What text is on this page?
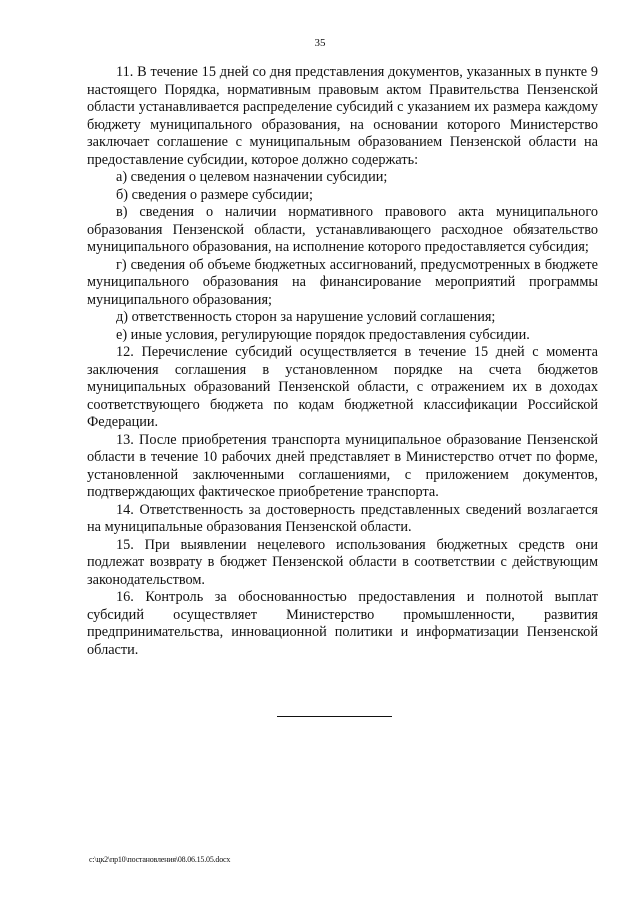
35

11. В течение 15 дней со дня представления документов, указанных в пункте 9 настоящего Порядка, нормативным правовым актом Правительства Пензенской области устанавливается распределение субсидий с указанием их размера каждому бюджету муниципального образования, на основании которого Министерство заключает соглашение с муниципальным образованием Пензенской области на предоставление субсидии, которое должно содержать:

а) сведения о целевом назначении субсидии;

б) сведения о размере субсидии;

в) сведения о наличии нормативного правового акта муниципального образования Пензенской области, устанавливающего расходное обязательство муниципального образования, на исполнение которого предоставляется субсидия;

г) сведения об объеме бюджетных ассигнований, предусмотренных в бюджете муниципального образования на финансирование мероприятий программы муниципального образования;

д) ответственность сторон за нарушение условий соглашения;

е) иные условия, регулирующие порядок предоставления субсидии.

12. Перечисление субсидий осуществляется в течение 15 дней с момента заключения соглашения в установленном порядке на счета бюджетов муниципальных образований Пензенской области, с отражением их в доходах соответствующего бюджета по кодам бюджетной классификации Российской Федерации.

13. После приобретения транспорта муниципальное образование Пензенской области в течение 10 рабочих дней представляет в Министерство отчет по форме, установленной заключенными соглашениями, с приложением документов, подтверждающих фактическое приобретение транспорта.

14. Ответственность за достоверность представленных сведений возлагается на муниципальные образования Пензенской области.

15. При выявлении нецелевого использования бюджетных средств они подлежат возврату в бюджет Пензенской области в соответствии с действующим законодательством.

16. Контроль за обоснованностью предоставления и полнотой выплат субсидий осуществляет Министерство промышленности, развития предпринимательства, инновационной политики и информатизации Пензенской области.

c:\цк2\пр10\постановления\08.06.15.05.docx
